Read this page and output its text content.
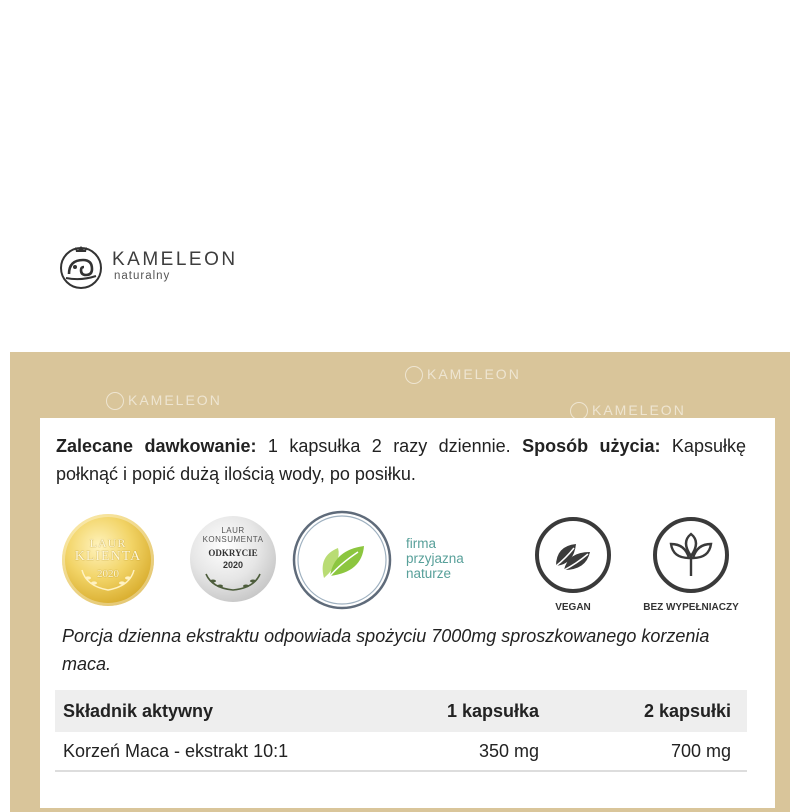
KAMELEON
naturalny
KAMELEON
KAMELEON
KAMELEON
Zalecane dawkowanie: 1 kapsułka 2 razy dziennie. Sposób użycia: Kapsułkę połknąć i popić dużą ilością wody, po posiłku.
LAUR
KLIENTA
2020
LAUR KONSUMENTA
ODKRYCIE
2020
firma
przyjazna
naturze
VEGAN	BEZ WYPEŁNIACZY
Porcja dzienna ekstraktu odpowiada spożyciu 7000mg sproszkowanego korzenia maca.
Składnik aktywny	1 kapsułka	2 kapsułki
Korzeń Maca - ekstrakt 10:1	350 mg	700 mg
